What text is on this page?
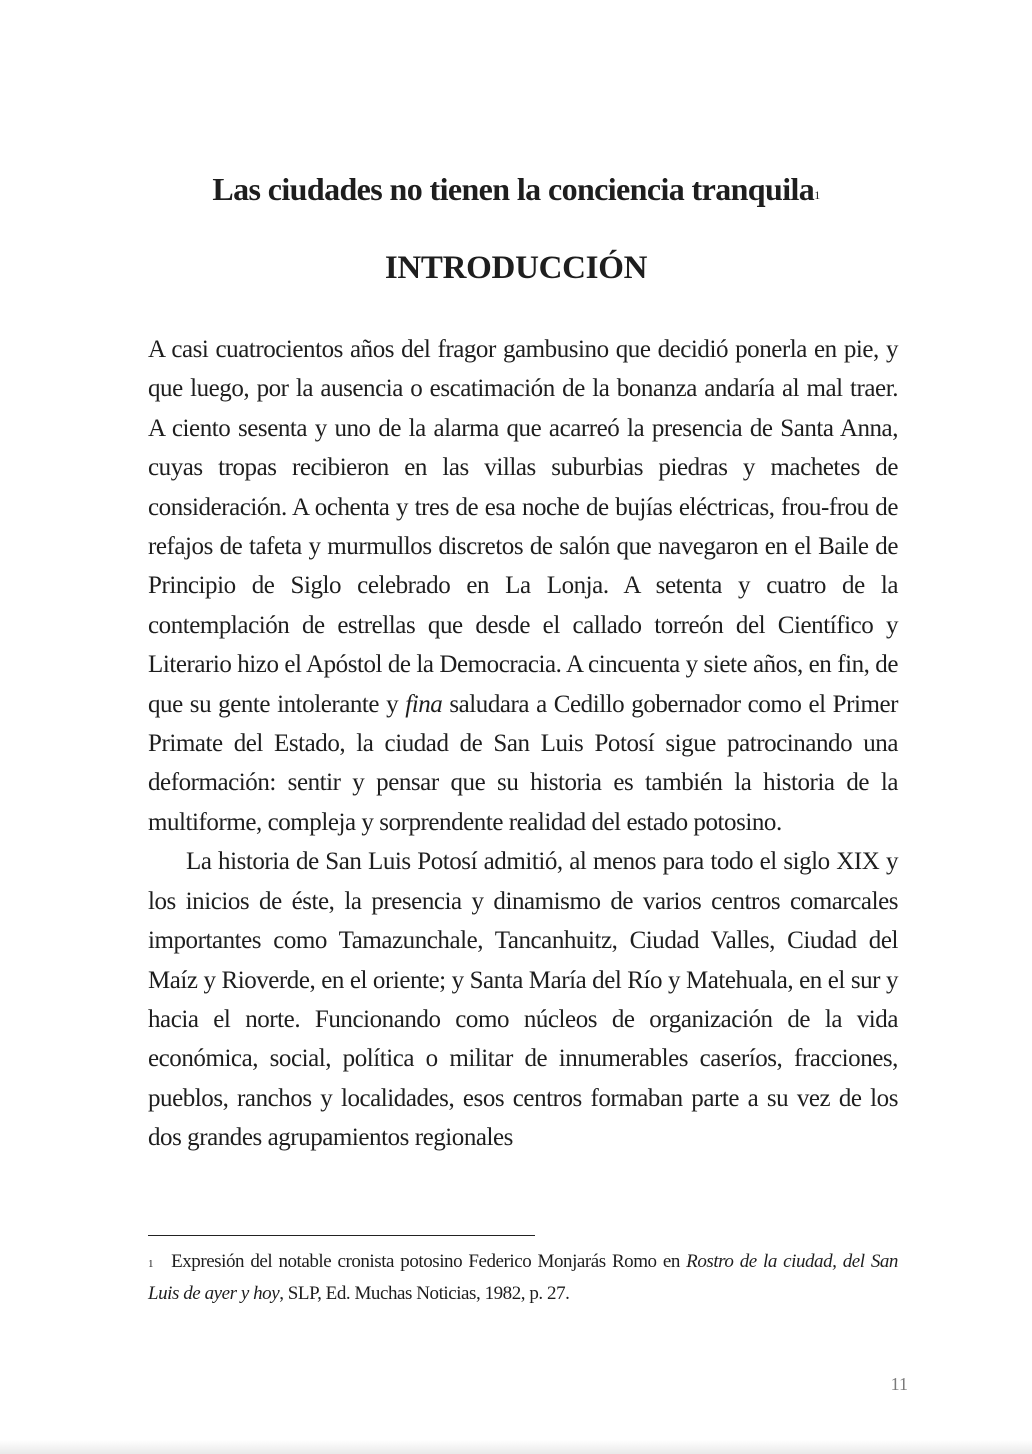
Las ciudades no tienen la conciencia tranquila$^1$
INTRODUCCIÓN

A casi cuatrocientos años del fragor gambusino que decidió ponerla en pie, y que luego, por la ausencia o escatimación de la bonanza andaría al mal traer. A ciento sesenta y uno de la alarma que acarreó la presencia de Santa Anna, cuyas tropas recibieron en las villas suburbias piedras y machetes de consideración. A ochenta y tres de esa noche de bujías eléctricas, frou-frou de refajos de tafeta y murmullos discretos de salón que navegaron en el Baile de Principio de Siglo celebrado en La Lonja. A setenta y cuatro de la contemplación de estrellas que desde el callado torreón del Científico y Literario hizo el Apóstol de la Democracia. A cincuenta y siete años, en fin, de que su gente intolerante y fina saludara a Cedillo gobernador como el Primer Primate del Estado, la ciudad de San Luis Potosí sigue patrocinando una deformación: sentir y pensar que su historia es también la historia de la multiforme, compleja y sorprendente realidad del estado potosino.

La historia de San Luis Potosí admitió, al menos para todo el siglo XIX y los inicios de éste, la presencia y dinamismo de varios centros comarcales importantes como Tamazunchale, Tancanhuitz, Ciudad Valles, Ciudad del Maíz y Rioverde, en el oriente; y Santa María del Río y Matehuala, en el sur y hacia el norte. Funcionando como núcleos de organización de la vida económica, social, política o militar de innumerables caseríos, fracciones, pueblos, ranchos y localidades, esos centros formaban parte a su vez de los dos grandes agrupamientos regionales

$^1$ Expresión del notable cronista potosino Federico Monjarás Romo en Rostro de la ciudad, del San Luis de ayer y hoy, SLP, Ed. Muchas Noticias, 1982, p. 27.
11
